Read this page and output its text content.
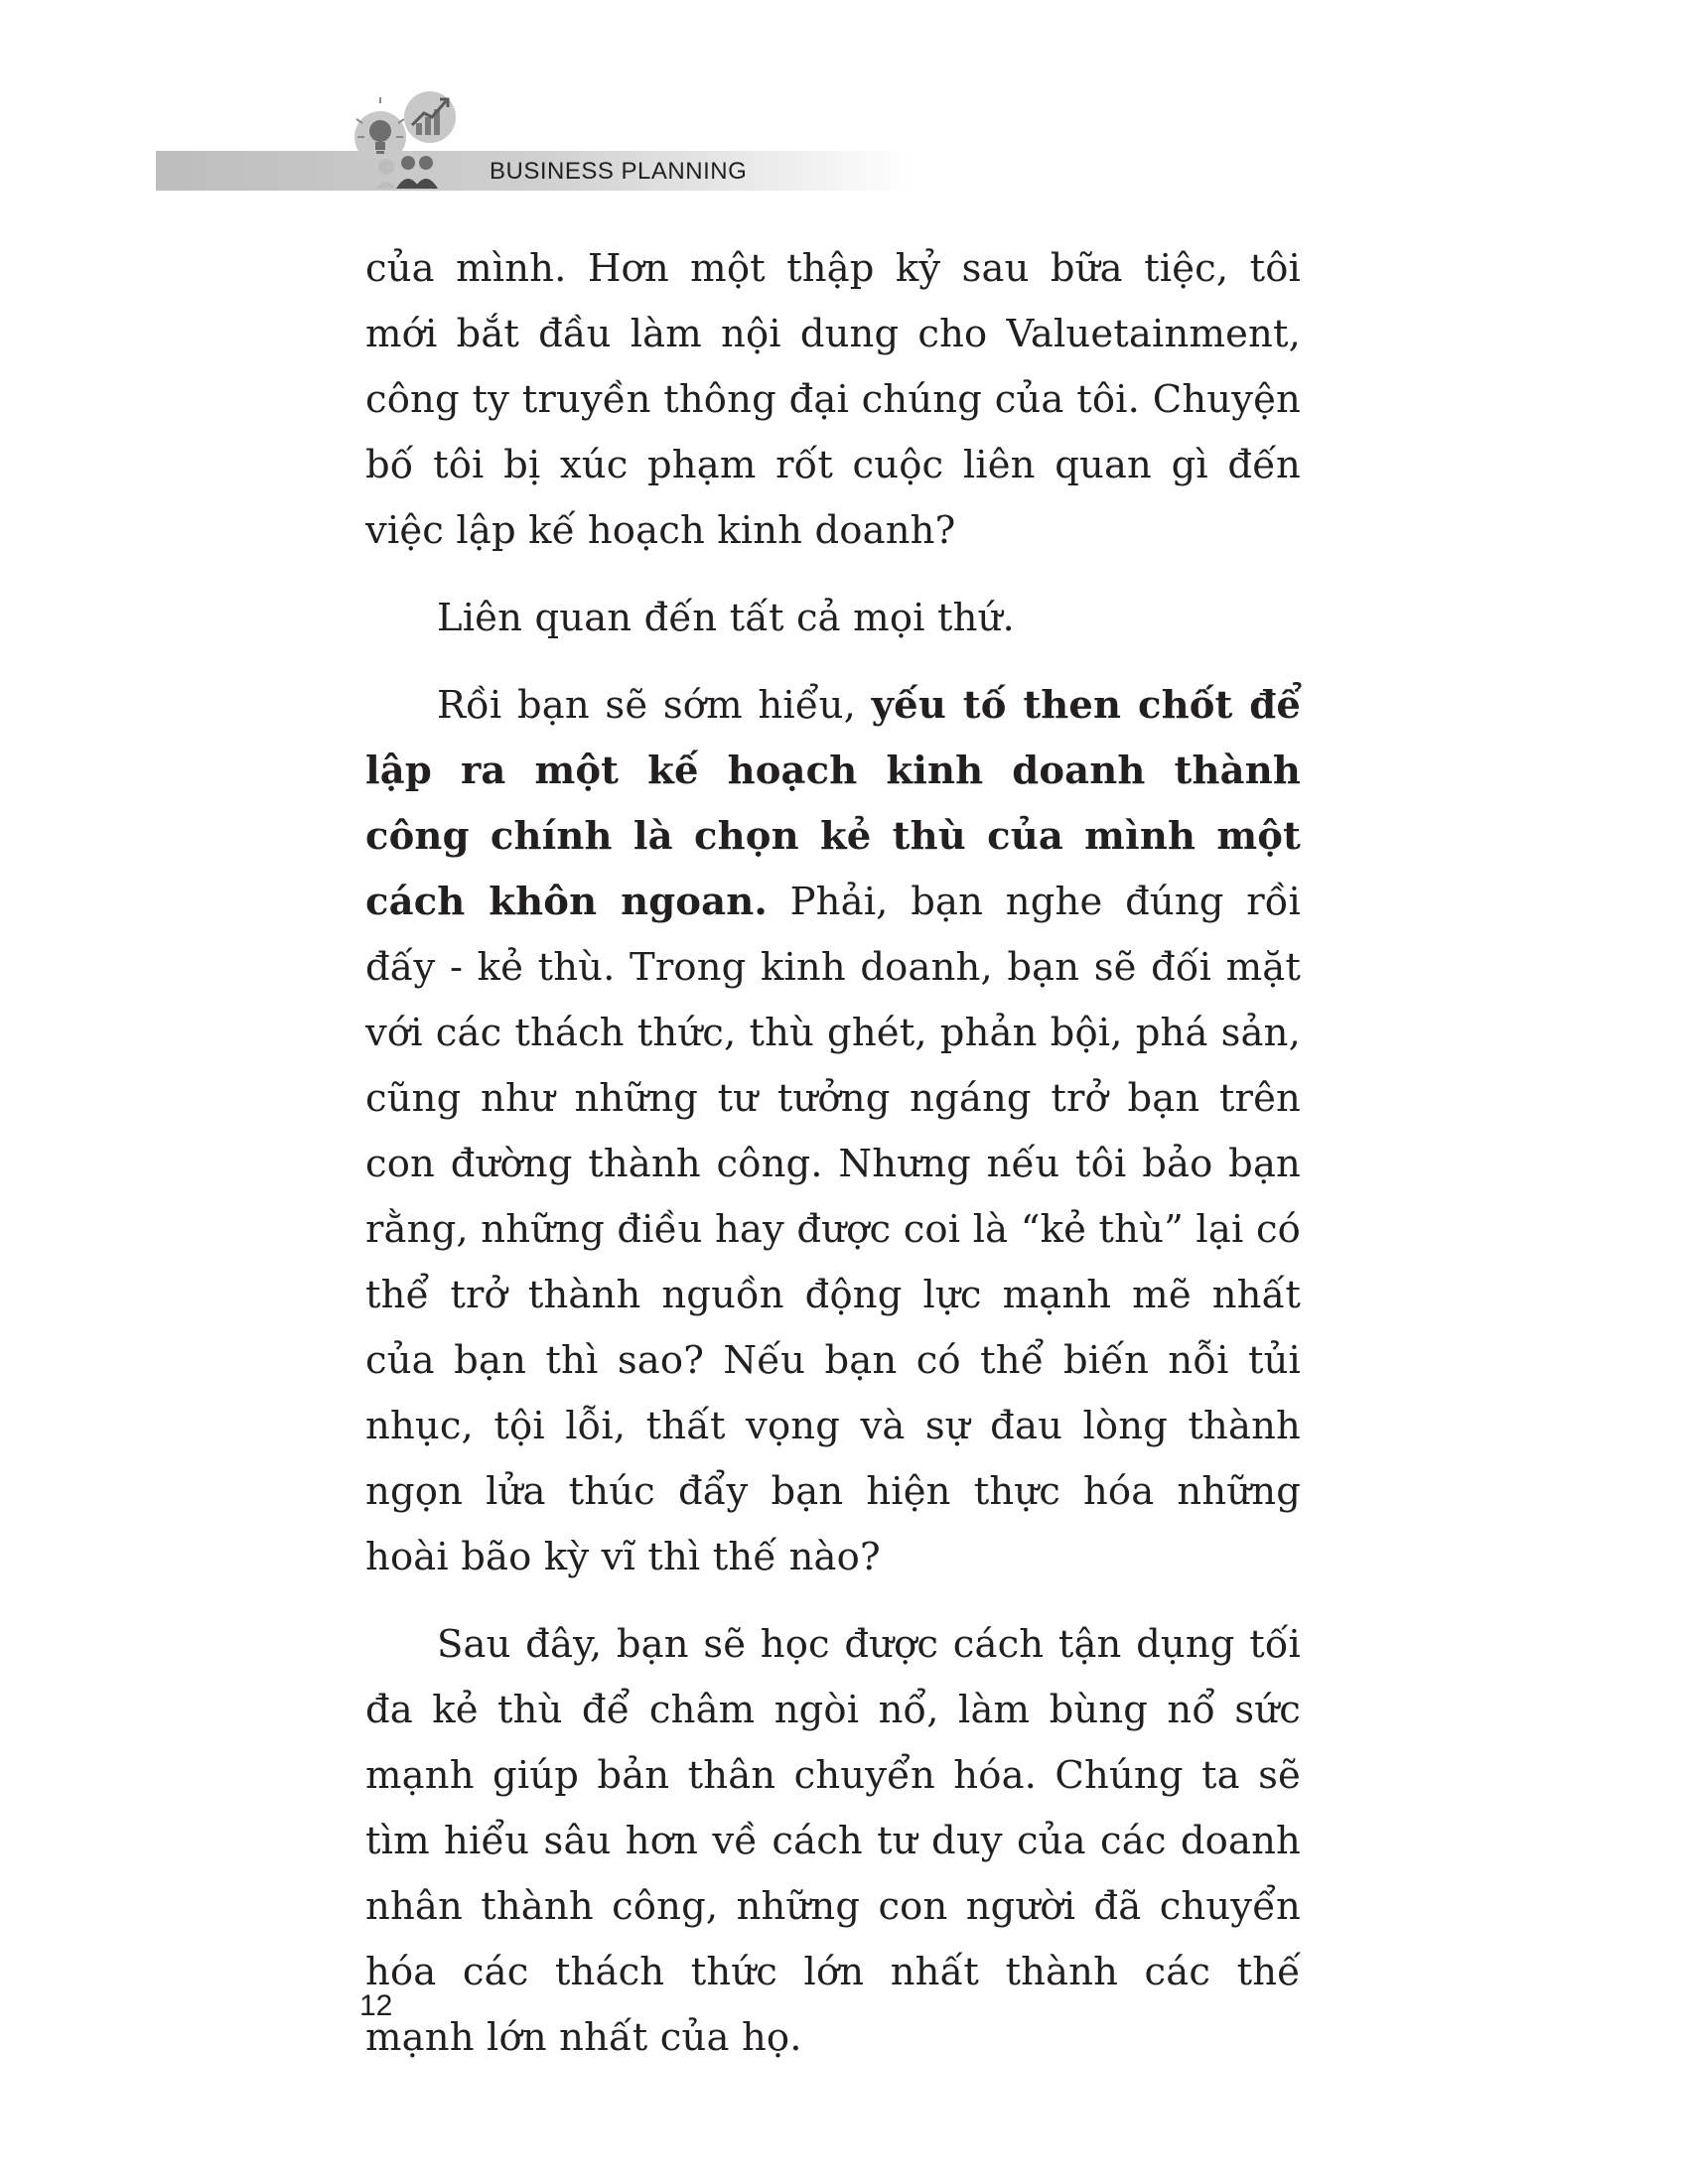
BUSINESS PLANNING

của mình. Hơn một thập kỷ sau bữa tiệc, tôi mới bắt đầu làm nội dung cho Valuetainment, công ty truyền thông đại chúng của tôi. Chuyện bố tôi bị xúc phạm rốt cuộc liên quan gì đến việc lập kế hoạch kinh doanh?

Liên quan đến tất cả mọi thứ.

Rồi bạn sẽ sớm hiểu, yếu tố then chốt để lập ra một kế hoạch kinh doanh thành công chính là chọn kẻ thù của mình một cách khôn ngoan. Phải, bạn nghe đúng rồi đấy - kẻ thù. Trong kinh doanh, bạn sẽ đối mặt với các thách thức, thù ghét, phản bội, phá sản, cũng như những tư tưởng ngáng trở bạn trên con đường thành công. Nhưng nếu tôi bảo bạn rằng, những điều hay được coi là “kẻ thù” lại có thể trở thành nguồn động lực mạnh mẽ nhất của bạn thì sao? Nếu bạn có thể biến nỗi tủi nhục, tội lỗi, thất vọng và sự đau lòng thành ngọn lửa thúc đẩy bạn hiện thực hóa những hoài bão kỳ vĩ thì thế nào?

Sau đây, bạn sẽ học được cách tận dụng tối đa kẻ thù để châm ngòi nổ, làm bùng nổ sức mạnh giúp bản thân chuyển hóa. Chúng ta sẽ tìm hiểu sâu hơn về cách tư duy của các doanh nhân thành công, những con người đã chuyển hóa các thách thức lớn nhất thành các thế mạnh lớn nhất của họ.

12
